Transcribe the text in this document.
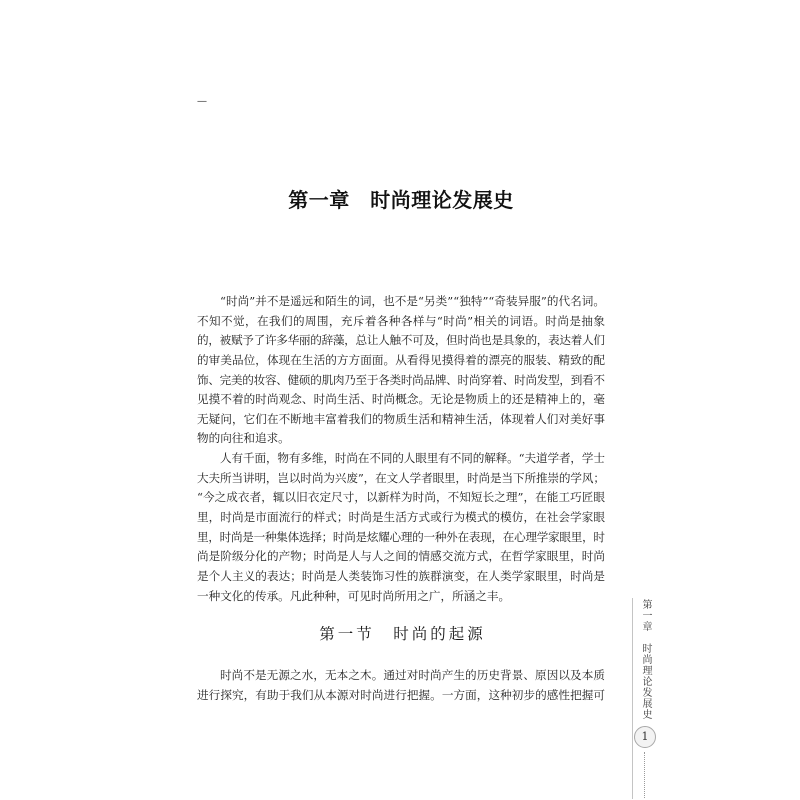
—
第一章　时尚理论发展史
“时尚”并不是遥远和陌生的词，也不是“另类”“独特”“奇装异服”的代名词。
不知不觉，在我们的周围，充斥着各种各样与“时尚”相关的词语。时尚是抽象
的，被赋予了许多华丽的辞藻，总让人触不可及，但时尚也是具象的，表达着人们
的审美品位，体现在生活的方方面面。从看得见摸得着的漂亮的服装、精致的配
饰、完美的妆容、健硕的肌肉乃至于各类时尚品牌、时尚穿着、时尚发型，到看不
见摸不着的时尚观念、时尚生活、时尚概念。无论是物质上的还是精神上的，毫
无疑问，它们在不断地丰富着我们的物质生活和精神生活，体现着人们对美好事
物的向往和追求。
人有千面，物有多维，时尚在不同的人眼里有不同的解释。“夫道学者，学士
大夫所当讲明，岂以时尚为兴废”，在文人学者眼里，时尚是当下所推崇的学风；
“今之成衣者，辄以旧衣定尺寸，以新样为时尚，不知短长之理”，在能工巧匠眼
里，时尚是市面流行的样式；时尚是生活方式或行为模式的模仿，在社会学家眼
里，时尚是一种集体选择；时尚是炫耀心理的一种外在表现，在心理学家眼里，时
尚是阶级分化的产物；时尚是人与人之间的情感交流方式，在哲学家眼里，时尚
是个人主义的表达；时尚是人类装饰习性的族群演变，在人类学家眼里，时尚是
一种文化的传承。凡此种种，可见时尚所用之广，所涵之丰。
第一节　时尚的起源
时尚不是无源之水，无本之木。通过对时尚产生的历史背景、原因以及本质
进行探究，有助于我们从本源对时尚进行把握。一方面，这种初步的感性把握可	第一章　时尚理论发展史
1
